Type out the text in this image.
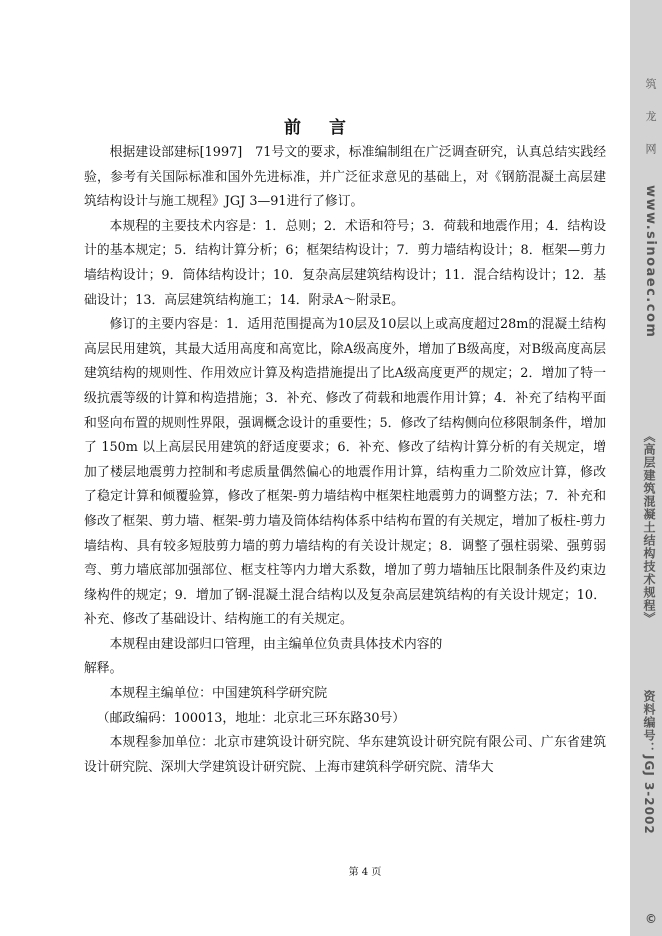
前言

根据建设部建标[1997]　71号文的要求，标准编制组在广泛调查研究，认真总结实践经验，参考有关国际标准和国外先进标准，并广泛征求意见的基础上，对《钢筋混凝土高层建筑结构设计与施工规程》JGJ 3—91进行了修订。

本规程的主要技术内容是：1．总则；2．术语和符号；3．荷载和地震作用；4．结构设计的基本规定；5．结构计算分析；6；框架结构设计；7．剪力墙结构设计；8．框架—剪力墙结构设计；9．筒体结构设计；10．复杂高层建筑结构设计；11．混合结构设计；12．基础设计；13．高层建筑结构施工；14．附录A～附录E。

修订的主要内容是：1．适用范围提高为10层及10层以上或高度超过28m的混凝土结构高层民用建筑，其最大适用高度和高宽比，除A级高度外，增加了B级高度，对B级高度高层建筑结构的规则性、作用效应计算及构造措施提出了比A级高度更严的规定；2．增加了特一级抗震等级的计算和构造措施；3．补充、修改了荷载和地震作用计算；4．补充了结构平面和竖向布置的规则性界限，强调概念设计的重要性；5．修改了结构侧向位移限制条件，增加了 150m 以上高层民用建筑的舒适度要求；6．补充、修改了结构计算分析的有关规定，增加了楼层地震剪力控制和考虑质量偶然偏心的地震作用计算，结构重力二阶效应计算，修改了稳定计算和倾覆验算，修改了框架-剪力墙结构中框架柱地震剪力的调整方法；7．补充和修改了框架、剪力墙、框架-剪力墙及筒体结构体系中结构布置的有关规定，增加了板柱-剪力墙结构、具有较多短肢剪力墙的剪力墙结构的有关设计规定；8．调整了强柱弱梁、强剪弱弯、剪力墙底部加强部位、框支柱等内力增大系数，增加了剪力墙轴压比限制条件及约束边缘构件的规定；9．增加了钢-混凝土混合结构以及复杂高层建筑结构的有关设计规定；10．补充、修改了基础设计、结构施工的有关规定。

本规程由建设部归口管理，由主编单位负责具体技术内容的

解释。

本规程主编单位：中国建筑科学研究院

（邮政编码：100013，地址：北京北三环东路30号）

本规程参加单位：北京市建筑设计研究院、华东建筑设计研究院有限公司、广东省建筑设计研究院、深圳大学建筑设计研究院、上海市建筑科学研究院、清华大

第 4 页
筑 龙 网
www.sinoaec.com
《高层建筑混凝土结构技术规程》
资料编号：JGJ 3-2002
©
